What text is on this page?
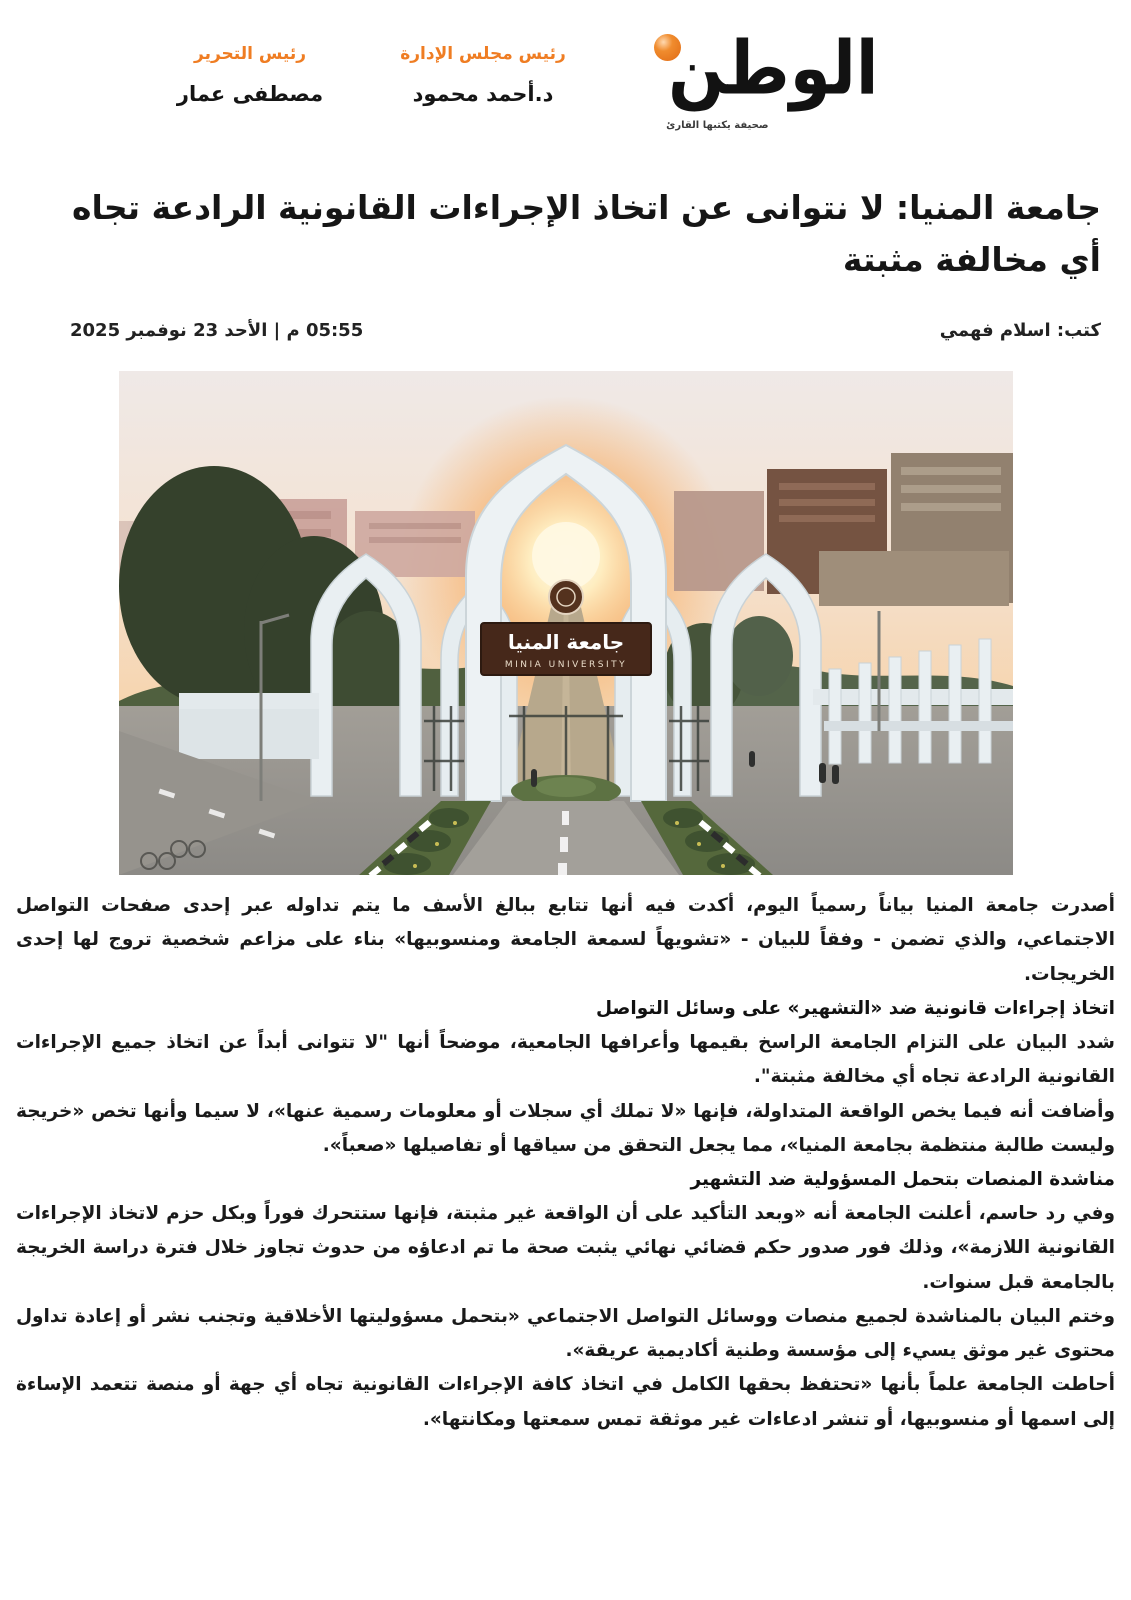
الوطن
صحيفة يكتبها القارئ
رئيس مجلس الإدارة
د.أحمد محمود
رئيس التحرير
مصطفى عمار
جامعة المنيا: لا نتوانى عن اتخاذ الإجراءات القانونية الرادعة تجاه أي مخالفة مثبتة
كتب: اسلام فهمي
05:55 م | الأحد 23 نوفمبر 2025
جامعة المنيا
MINIA UNIVERSITY

أصدرت جامعة المنيا بياناً رسمياً اليوم، أكدت فيه أنها تتابع ببالغ الأسف ما يتم تداوله عبر إحدى صفحات التواصل الاجتماعي، والذي تضمن - وفقاً للبيان - «تشويهاً لسمعة الجامعة ومنسوبيها» بناء على مزاعم شخصية تروج لها إحدى الخريجات.

اتخاذ إجراءات قانونية ضد «التشهير» على وسائل التواصل

شدد البيان على التزام الجامعة الراسخ بقيمها وأعرافها الجامعية، موضحاً أنها "لا تتوانى أبداً عن اتخاذ جميع الإجراءات القانونية الرادعة تجاه أي مخالفة مثبتة".

وأضافت أنه فيما يخص الواقعة المتداولة، فإنها «لا تملك أي سجلات أو معلومات رسمية عنها»، لا سيما وأنها تخص «خريجة وليست طالبة منتظمة بجامعة المنيا»، مما يجعل التحقق من سياقها أو تفاصيلها «صعباً».

مناشدة المنصات بتحمل المسؤولية ضد التشهير

وفي رد حاسم، أعلنت الجامعة أنه «وبعد التأكيد على أن الواقعة غير مثبتة، فإنها ستتحرك فوراً وبكل حزم لاتخاذ الإجراءات القانونية اللازمة»، وذلك فور صدور حكم قضائي نهائي يثبت صحة ما تم ادعاؤه من حدوث تجاوز خلال فترة دراسة الخريجة بالجامعة قبل سنوات.

وختم البيان بالمناشدة لجميع منصات ووسائل التواصل الاجتماعي «بتحمل مسؤوليتها الأخلاقية وتجنب نشر أو إعادة تداول محتوى غير موثق يسيء إلى مؤسسة وطنية أكاديمية عريقة».

أحاطت الجامعة علماً بأنها «تحتفظ بحقها الكامل في اتخاذ كافة الإجراءات القانونية تجاه أي جهة أو منصة تتعمد الإساءة إلى اسمها أو منسوبيها، أو تنشر ادعاءات غير موثقة تمس سمعتها ومكانتها».
